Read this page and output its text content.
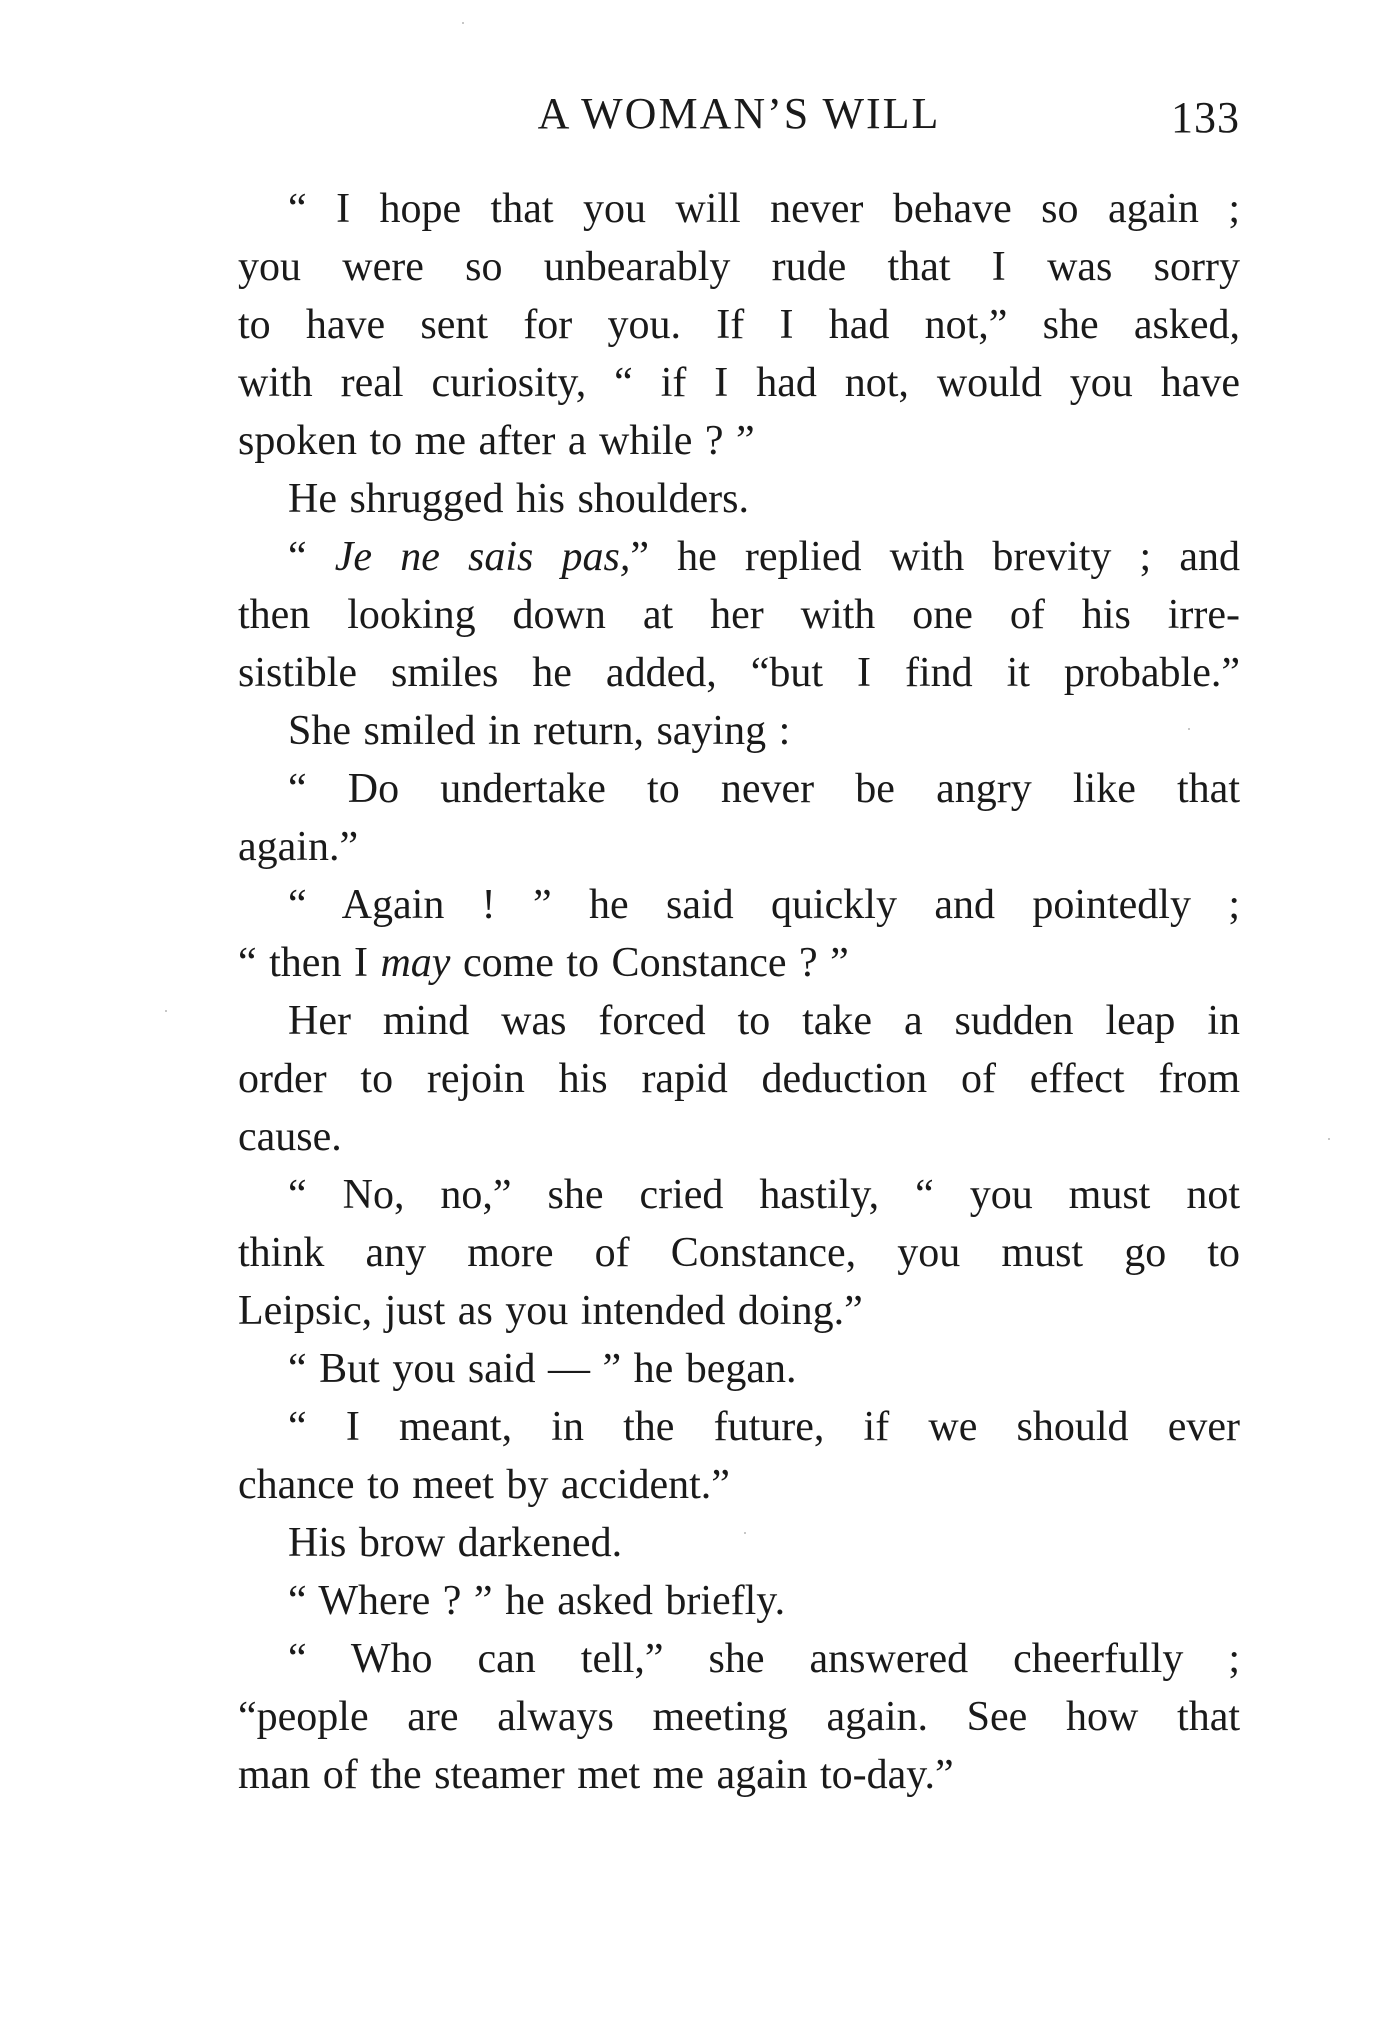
A WOMAN’S WILL	133
“ I hope that you will never behave so again ;
you were so unbearably rude that I was sorry
to have sent for you. If I had not,” she asked,
with real curiosity, “ if I had not, would you have
spoken to me after a while ? ”
He shrugged his shoulders.
“ Je ne sais pas,” he replied with brevity ; and
then looking down at her with one of his irre-
sistible smiles he added, “but I find it probable.”
She smiled in return, saying :
“ Do undertake to never be angry like that
again.”
“ Again ! ” he said quickly and pointedly ;
“ then I may come to Constance ? ”
Her mind was forced to take a sudden leap in
order to rejoin his rapid deduction of effect from
cause.
“ No, no,” she cried hastily, “ you must not
think any more of Constance, you must go to
Leipsic, just as you intended doing.”
“ But you said — ” he began.
“ I meant, in the future, if we should ever
chance to meet by accident.”
His brow darkened.
“ Where ? ” he asked briefly.
“ Who can tell,” she answered cheerfully ;
“people are always meeting again. See how that
man of the steamer met me again to-day.”
